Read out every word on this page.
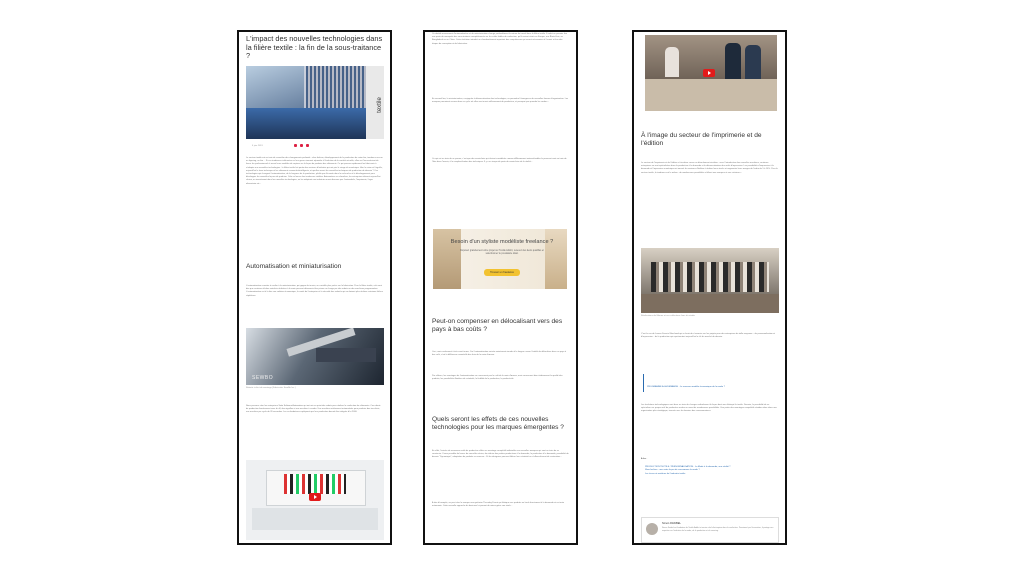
L'impact des nouvelles technologies dans la filière textile : la fin de la sous-traitance ?
textile
6 juin 2019

Le secteur textile est en train de connaître des changements profonds : slow fashion, développement de la production du coton bio, tendance accrue au layering, au bio ... Si ces tendances inhérentes en leur genre viennent répondre à l'évolution de la société actuelle, elles ont l'inconvénient de forcer les professionnels à revoir leurs modèles de capture sur la façon de produire des vêtements. Ce qui pousse rapidement les fabricants à s'adapter aux nouvelles technologies : la filière textile fait partie des secteurs d'industrie qui ont pris le virage du numérique. Hier le coton et l'aiguille, aujourd'hui le tissu technique et les vêtements connectés/intelligents, et quelles seront les nouvelles techniques de production de demain ? Ces technologies qui changent l'automatisation, de la longueur de la production, plutôt que d'investir dans la recherche et le développement pour développer les nouvelles façons de produire. Cela va lancer des tendances inédites. Automatiser ou relocaliser, les entreprises doivent aujourd'hui choisir, en investissant dans les nouvelles technologies, en les adaptant aux industries aussi diverses que l'automobile, l'imprimerie, l'agro alimentaire etc...

Automatisation et miniaturisation

L'automatisation consiste à confier à la miniaturisation, qui gagne du terrain, un contrôle plus précis sur la fabrication. Pour la filière textile, cela veut dire que certaines tâches autrefois réalisées à la main peuvent désormais être prises en charge par des robots ou des machines programmées. L'automatisation est à la fois une solution économique, la santé de l'entreprise et la sécurité des salariés qui ne doivent plus réaliser certaines tâches répétitives.

SEWBO
Robotic t-shirt de montage (Fabricatio: SewBo Inc.)

Nous pouvons citer les entreprises Suite Software Automation qui ont mis au point des robots pour réaliser la confection de vêtements. Ces robots de production fonctionnent avec du fil, des aiguilles et une machine à coudre. Une machine entièrement automatisée pour produire des tee-shirts, une machine par cycle de 26 secondes. Les co-fondateurs expliquent que leur production devrait être intégrée d'ici 2030.

Ce double mouvement d'automatisation et de miniaturisation change profondément la nature du travail dans la filière textile. Il induit en premier lieu une perte de monopole des sous-traitants compétitionnés sur les coûts faibles de confection, qu'ils soient situés en Europe, aux États-Unis, au Bangladesh ou en Chine. Cette évolution introduit un chamboulement important des compétences qui seront nécessaires à l'avenir et lors des étapes de conception et de fabrication.

En second lieu, la miniaturisation, conjuguée à démocratisation des technologies, va permettre l'émergence de nouvelles formes d'organisation. Les marques pourraient encore dans un cycle où elles sont aussi suffisamment de production, et pourquoi pas prendre les cadres...

Ce qui est en train de se passer, c'est que des savoir-faire qui étaient considérés comme différemment externalisables le prennent sont en train de l'être dans l'avenir, à la complexification des techniques. Il y a un risque de perte de savoir-faire de la réalité...

Besoin d'un styliste modéliste freelance ?
Déposez gratuitement votre projet sur Textile Addict, recevez des devis qualifiés et sélectionnez le prestataire idéal.
Trouver un freelance
Peut-on compenser en délocalisant vers des pays à bas coûts ?

Ceci, mais seulement à très court terme. Car l'automatisation arrivée maintenant viendra à la longue casser l'intérêt de délocaliser dans un pays à bas coût, c'est la différence essentielle des frais de la main d'œuvre.

Par ailleurs, les avantages de l'automatisation ne concernent pas le coût de la main d'œuvre, mais concernent bien évidemment la qualité des produits, les possibilités illimitées de créativité, la fiabilité de la production, la productivité.

Quels seront les effets de ces nouvelles technologies pour les marques émergentes ?

En effet, l'arrivée de nouveaux outils de production offrira un avantage compétitif indéniable aux nouvelles marques qui sont en train de se construire. Il sera possible de lancer de nouvelles séries, de réduire des petites productions à la demande, la production à la demande, possibilité de devenir "Dynamique", adaptation de produits sur mesure... Et les designers pourront libérer leur créativité en s'affranchissant de contraintes...

À titre d'exemple, on peut citer la marque new-yorkaise Thursday Finest qui fabrique ses produits en local directement à la demande et en toute autonomie. Cette nouvelle approche du business lui permet de mieux gérer son stock...

À l'image du secteur de l'imprimerie et de l'édition

Le secteur de l'imprimerie et de l'édition a lui-même connu un déroulement similaire : avec l'introduction des nouvelles machines, certaines entreprises se sont spécialisées dans la production à la demande et la démocratisation des outils d'impression. Les possibilités d'impression à la demande et l'impression numérique ont amené les maisons d'édition à réduire leurs stocks et augmenter leurs marges de l'ordre de 5 à 10%. Pour le secteur textile, la tendance est la même : de nombreuses possibilités s'offrent aux marques et aux créateurs...

Réalisations de Manon et ses collections hors du studio

C'est le cas de Lauren Francis Marchand qui a choisi de s'associer sur les projets pour des entreprises de taille moyenne... de personnalisation et d'impression... de la production qui représentent aujourd'hui la clé du marché de demain.

PROGRAMME A LA DEMANDE : Le nouveau modèle économique de la mode ?

Les évolutions technologiques vont donc en train de changer radicalement la façon dont sera fabriqué le textile. Demain, la possibilité de se spécialiser sur propre outil de production mettra en avant de nombreuses possibilités. Une partie des avantages compétitifs résidera donc dans une organisation plus stratégique, tournée vers les besoins des consommateurs.

À lire :
PRODUCTION TEXTILE / PERSONNALISATION : La Mode à la demande, une réalité ?
Slow fashion : une autre façon de consommer la mode ?
Les tissus et matières de l'industrie textile
Simon FRAIBEL
Simon Fraibel est fondateur de Textile Addict et ancien chef d'entreprise dans la confection. Passionné par l'innovation, il partage son expertise sur l'industrie de la mode, de la production et du sourcing.
